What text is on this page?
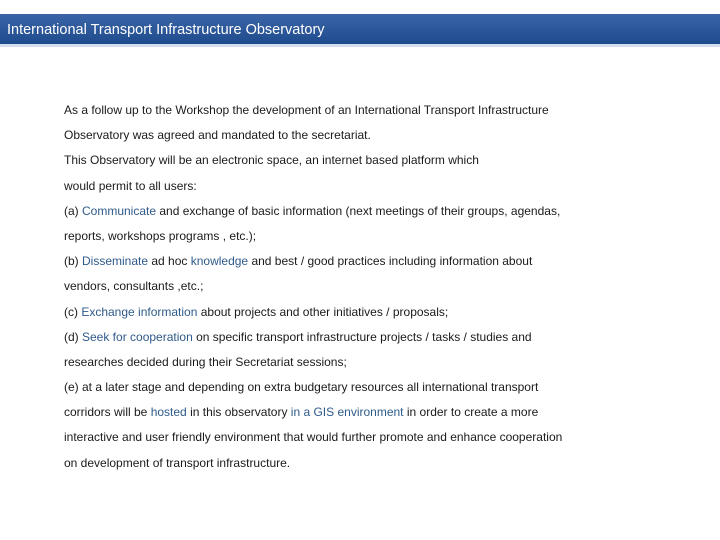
International Transport Infrastructure Observatory
As a follow up to the Workshop the development of an International Transport Infrastructure
Observatory was agreed and mandated to the secretariat.
This Observatory will be an electronic space, an internet based platform which
would permit to all users:
(a) Communicate and exchange of basic information (next meetings of their groups, agendas,
reports, workshops programs , etc.);
(b) Disseminate ad hoc knowledge and best / good practices including information about
vendors, consultants ,etc.;
(c) Exchange information about projects and other initiatives / proposals;
(d) Seek for cooperation on specific transport infrastructure projects / tasks / studies and
researches decided during their Secretariat sessions;
(e) at a later stage and depending on extra budgetary resources all international transport
corridors will be hosted in this observatory in a GIS environment in order to create a more
interactive and user friendly environment that would further promote and enhance cooperation
on development of transport infrastructure.
